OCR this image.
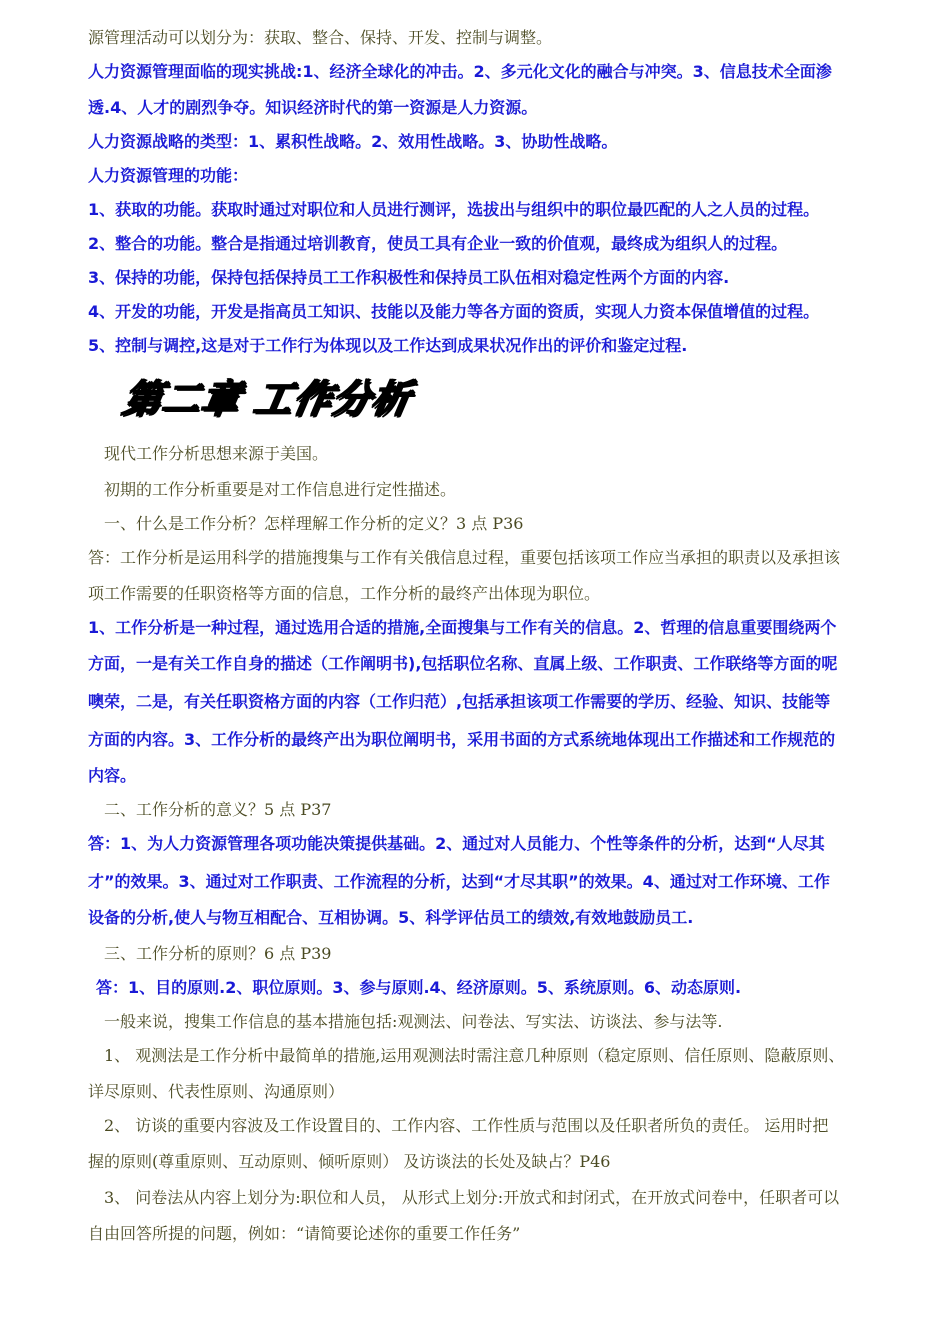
源管理活动可以划分为：获取、整合、保持、开发、控制与调整。
人力资源管理面临的现实挑战:1、经济全球化的冲击。2、多元化文化的融合与冲突。3、信息技术全面渗
透.4、人才的剧烈争夺。知识经济时代的第一资源是人力资源。
人力资源战略的类型：1、累积性战略。2、效用性战略。3、协助性战略。
人力资源管理的功能：
1、获取的功能。获取时通过对职位和人员进行测评，选拔出与组织中的职位最匹配的人之人员的过程。
2、整合的功能。整合是指通过培训教育，使员工具有企业一致的价值观，最终成为组织人的过程。
3、保持的功能，保持包括保持员工工作积极性和保持员工队伍相对稳定性两个方面的内容.
4、开发的功能，开发是指高员工知识、技能以及能力等各方面的资质，实现人力资本保值增值的过程。
5、控制与调控,这是对于工作行为体现以及工作达到成果状况作出的评价和鉴定过程.
第二章 工作分析
现代工作分析思想来源于美国。
初期的工作分析重要是对工作信息进行定性描述。
一、什么是工作分析？怎样理解工作分析的定义？3 点 P36
答：工作分析是运用科学的措施搜集与工作有关俄信息过程，重要包括该项工作应当承担的职责以及承担该
项工作需要的任职资格等方面的信息，工作分析的最终产出体现为职位。
1、工作分析是一种过程，通过选用合适的措施,全面搜集与工作有关的信息。2、哲理的信息重要围绕两个
方面，一是有关工作自身的描述（工作阐明书),包括职位名称、直属上级、工作职责、工作联络等方面的呢
噢荣，二是，有关任职资格方面的内容（工作归范）,包括承担该项工作需要的学历、经验、知识、技能等
方面的内容。3、工作分析的最终产出为职位阐明书，采用书面的方式系统地体现出工作描述和工作规范的
内容。
二、工作分析的意义？5 点 P37
答：1、为人力资源管理各项功能决策提供基础。2、通过对人员能力、个性等条件的分析，达到“人尽其
才”的效果。3、通过对工作职责、工作流程的分析，达到“才尽其职”的效果。4、通过对工作环境、工作
设备的分析,使人与物互相配合、互相协调。5、科学评估员工的绩效,有效地鼓励员工.
三、工作分析的原则？6 点 P39
答：1、目的原则.2、职位原则。3、参与原则.4、经济原则。5、系统原则。6、动态原则.
一般来说，搜集工作信息的基本措施包括:观测法、问卷法、写实法、访谈法、参与法等.
1、 观测法是工作分析中最简单的措施,运用观测法时需注意几种原则（稳定原则、信任原则、隐蔽原则、
详尽原则、代表性原则、沟通原则）
2、 访谈的重要内容波及工作设置目的、工作内容、工作性质与范围以及任职者所负的责任。 运用时把
握的原则(尊重原则、互动原则、倾听原则） 及访谈法的长处及缺占？P46
3、 问卷法从内容上划分为:职位和人员， 从形式上划分:开放式和封闭式，在开放式问卷中，任职者可以
自由回答所提的问题，例如：“请简要论述你的重要工作任务”
